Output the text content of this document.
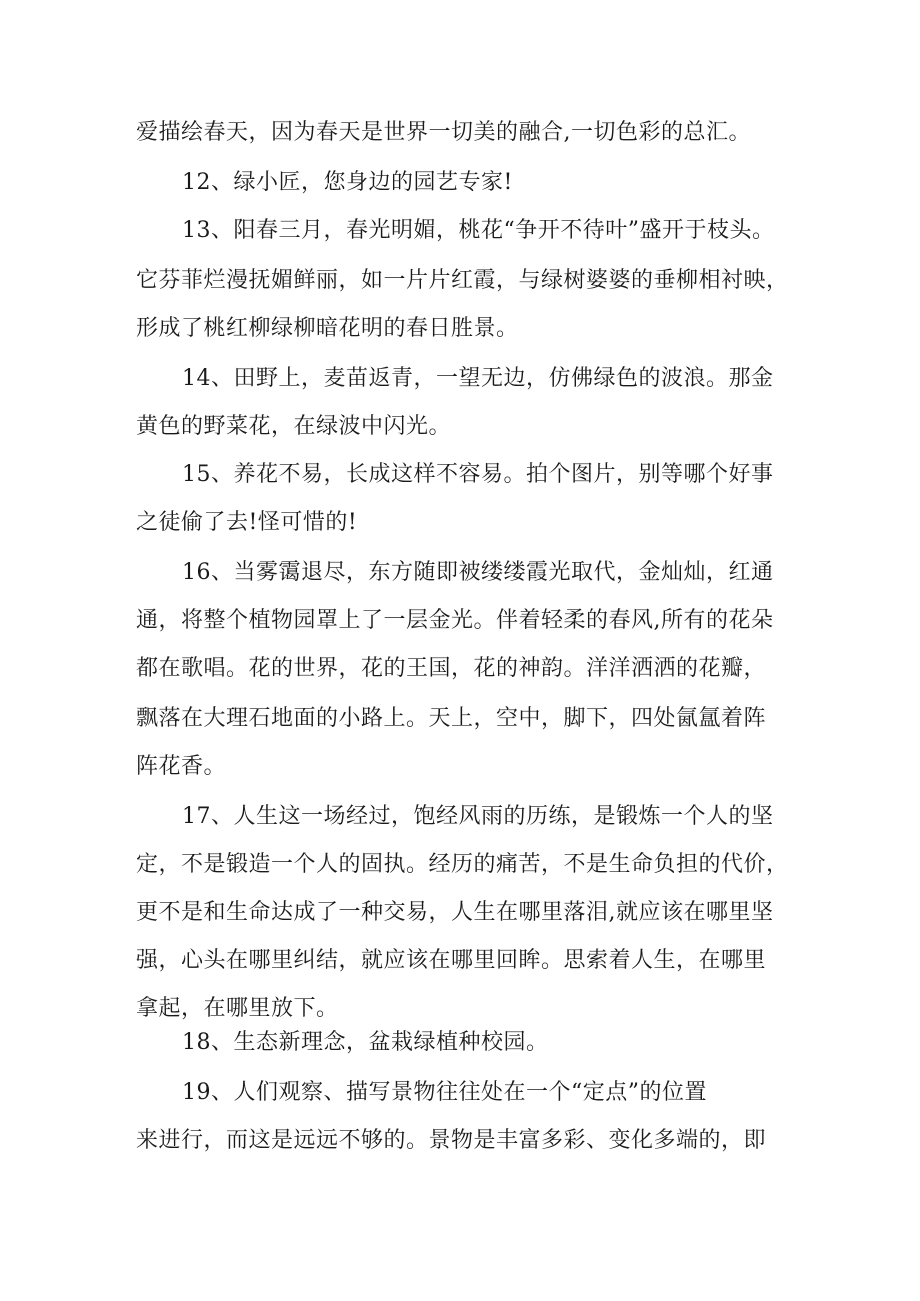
爱描绘春天，因为春天是世界一切美的融合,一切色彩的总汇。
12、绿小匠，您身边的园艺专家!
13、阳春三月，春光明媚，桃花“争开不待叶”盛开于枝头。
它芬菲烂漫抚媚鲜丽，如一片片红霞，与绿树婆婆的垂柳相衬映，
形成了桃红柳绿柳暗花明的春日胜景。
14、田野上，麦苗返青，一望无边，仿佛绿色的波浪。那金
黄色的野菜花，在绿波中闪光。
15、养花不易，长成这样不容易。拍个图片，别等哪个好事
之徒偷了去!怪可惜的!
16、当雾霭退尽，东方随即被缕缕霞光取代，金灿灿，红通
通，将整个植物园罩上了一层金光。伴着轻柔的春风,所有的花朵
都在歌唱。花的世界，花的王国，花的神韵。洋洋洒洒的花瓣，
飘落在大理石地面的小路上。天上，空中，脚下，四处氤氲着阵
阵花香。
17、人生这一场经过，饱经风雨的历练，是锻炼一个人的坚
定，不是锻造一个人的固执。经历的痛苦，不是生命负担的代价，
更不是和生命达成了一种交易，人生在哪里落泪,就应该在哪里坚
强，心头在哪里纠结，就应该在哪里回眸。思索着人生，在哪里
拿起，在哪里放下。
18、生态新理念，盆栽绿植种校园。
19、人们观察、描写景物往往处在一个“定点”的位置
来进行，而这是远远不够的。景物是丰富多彩、变化多端的，即
